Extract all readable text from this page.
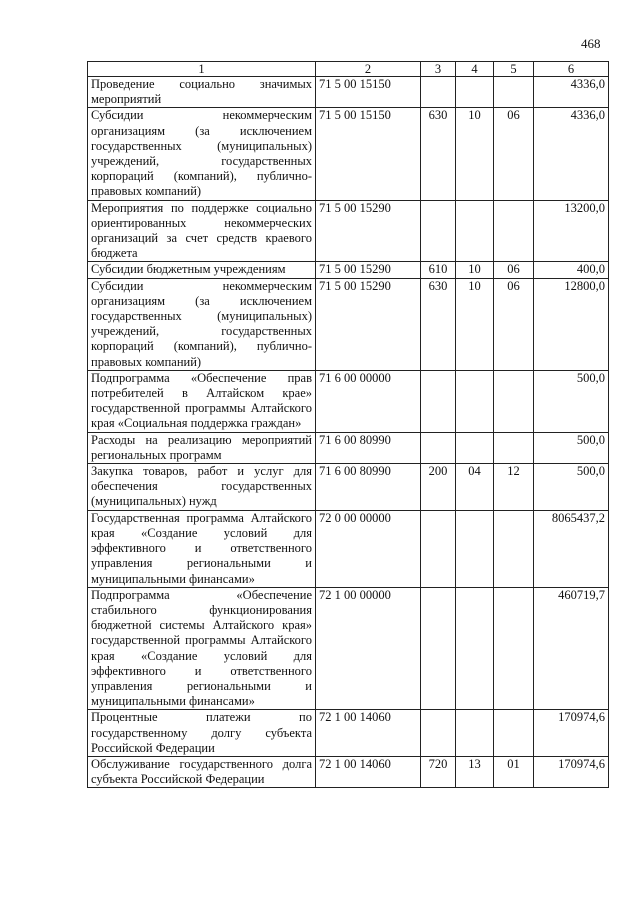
468
1	2	3	4	5	6
Проведение социально значимых мероприятий	71 5 00 15150				4336,0
Субсидии некоммерческим организациям (за исключением государственных (муниципальных) учреждений, государственных корпораций (компаний), публично-правовых компаний)	71 5 00 15150	630	10	06	4336,0
Мероприятия по поддержке социально ориентированных некоммерческих организаций за счет средств краевого бюджета	71 5 00 15290				13200,0
Субсидии бюджетным учреждениям	71 5 00 15290	610	10	06	400,0
Субсидии некоммерческим организациям (за исключением государственных (муниципальных) учреждений, государственных корпораций (компаний), публично-правовых компаний)	71 5 00 15290	630	10	06	12800,0
Подпрограмма «Обеспечение прав потребителей в Алтайском крае» государственной программы Алтайского края «Социальная поддержка граждан»	71 6 00 00000				500,0
Расходы на реализацию мероприятий региональных программ	71 6 00 80990				500,0
Закупка товаров, работ и услуг для обеспечения государственных (муниципальных) нужд	71 6 00 80990	200	04	12	500,0
Государственная программа Алтайского края «Создание условий для эффективного и ответственного управления региональными и муниципальными финансами»	72 0 00 00000				8065437,2
Подпрограмма «Обеспечение стабильного функционирования бюджетной системы Алтайского края» государственной программы Алтайского края «Создание условий для эффективного и ответственного управления региональными и муниципальными финансами»	72 1 00 00000				460719,7
Процентные платежи по государственному долгу субъекта Российской Федерации	72 1 00 14060				170974,6
Обслуживание государственного долга субъекта Российской Федерации	72 1 00 14060	720	13	01	170974,6
